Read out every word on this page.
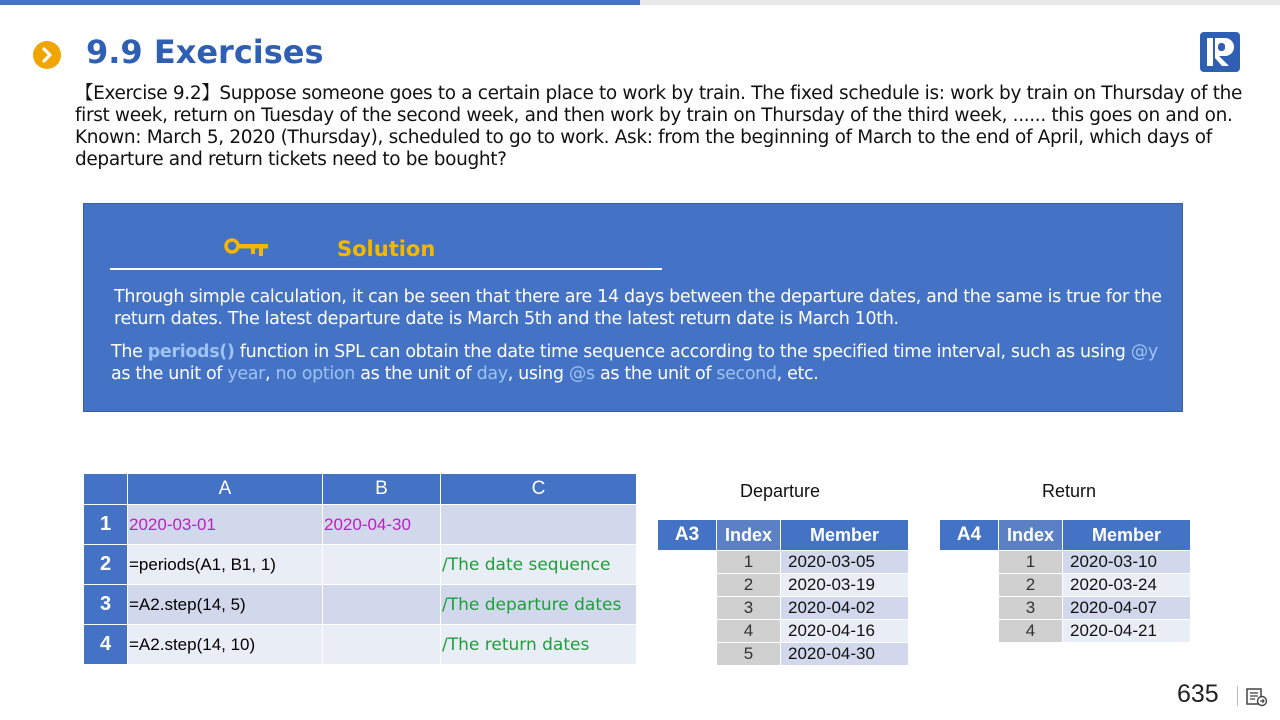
9.9 Exercises
【Exercise 9.2】Suppose someone goes to a certain place to work by train. The fixed schedule is: work by train on Thursday of the first week, return on Tuesday of the second week, and then work by train on Thursday of the third week, ...... this goes on and on. Known: March 5, 2020 (Thursday), scheduled to go to work. Ask: from the beginning of March to the end of April, which days of departure and return tickets need to be bought?
Solution
Through simple calculation, it can be seen that there are 14 days between the departure dates, and the same is true for the return dates. The latest departure date is March 5th and the latest return date is March 10th.
The periods() function in SPL can obtain the date time sequence according to the specified time interval, such as using @y as the unit of year, no option as the unit of day, using @s as the unit of second, etc.
	A	B	C
1	2020-03-01	2020-04-30	
2	=periods(A1, B1, 1)		/The date sequence
3	=A2.step(14, 5)		/The departure dates
4	=A2.step(14, 10)		/The return dates
Departure	Return
A3	Index	Member
	1	2020-03-05
	2	2020-03-19
	3	2020-04-02
	4	2020-04-16
	5	2020-04-30
A4	Index	Member
	1	2020-03-10
	2	2020-03-24
	3	2020-04-07
	4	2020-04-21
635
